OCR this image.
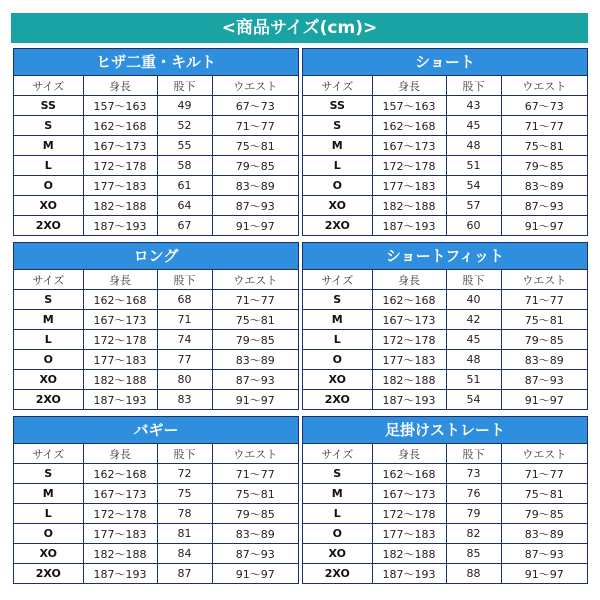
<商品サイズ(cm)>
ヒザ二重・キルト
サイズ	身長	股下	ウエスト
SS	157〜163	49	67〜73
S	162〜168	52	71〜77
M	167〜173	55	75〜81
L	172〜178	58	79〜85
O	177〜183	61	83〜89
XO	182〜188	64	87〜93
2XO	187〜193	67	91〜97
ショート
サイズ	身長	股下	ウエスト
SS	157〜163	43	67〜73
S	162〜168	45	71〜77
M	167〜173	48	75〜81
L	172〜178	51	79〜85
O	177〜183	54	83〜89
XO	182〜188	57	87〜93
2XO	187〜193	60	91〜97
ロング
サイズ	身長	股下	ウエスト
S	162〜168	68	71〜77
M	167〜173	71	75〜81
L	172〜178	74	79〜85
O	177〜183	77	83〜89
XO	182〜188	80	87〜93
2XO	187〜193	83	91〜97
ショートフィット
サイズ	身長	股下	ウエスト
S	162〜168	40	71〜77
M	167〜173	42	75〜81
L	172〜178	45	79〜85
O	177〜183	48	83〜89
XO	182〜188	51	87〜93
2XO	187〜193	54	91〜97
バギー
サイズ	身長	股下	ウエスト
S	162〜168	72	71〜77
M	167〜173	75	75〜81
L	172〜178	78	79〜85
O	177〜183	81	83〜89
XO	182〜188	84	87〜93
2XO	187〜193	87	91〜97
足掛けストレート
サイズ	身長	股下	ウエスト
S	162〜168	73	71〜77
M	167〜173	76	75〜81
L	172〜178	79	79〜85
O	177〜183	82	83〜89
XO	182〜188	85	87〜93
2XO	187〜193	88	91〜97
